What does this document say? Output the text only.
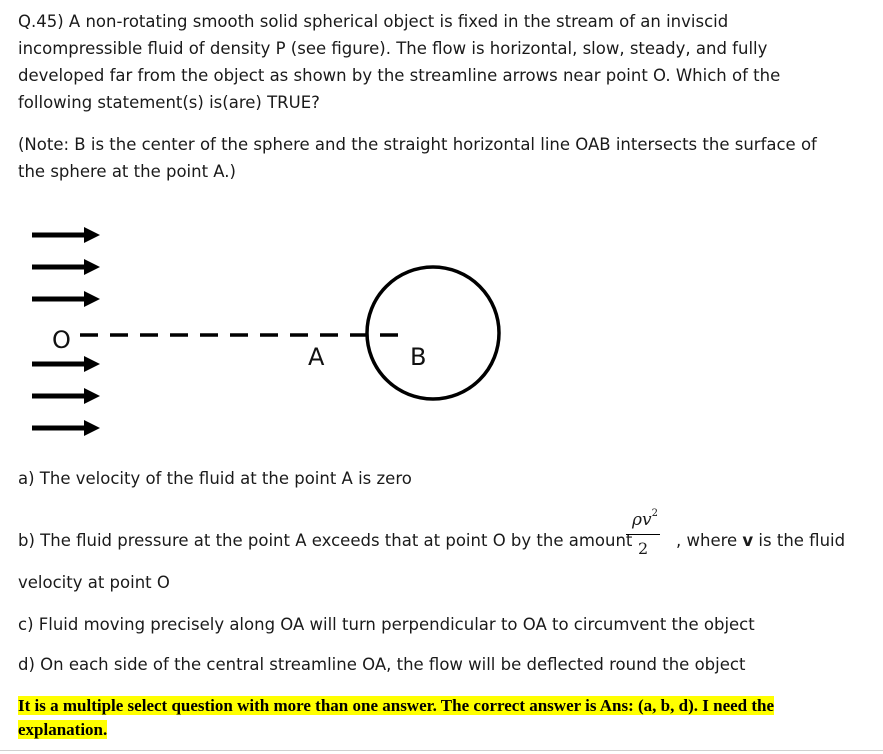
Q.45) A non-rotating smooth solid spherical object is fixed in the stream of an inviscid incompressible fluid of density P (see figure). The flow is horizontal, slow, steady, and fully developed far from the object as shown by the streamline arrows near point O. Which of the following statement(s) is(are) TRUE?

(Note: B is the center of the sphere and the straight horizontal line OAB intersects the surface of the sphere at the point A.)

O
A	B
a) The velocity of the fluid at the point A is zero
b) The fluid pressure at the point A exceeds that at point O by the amount
$\rho v^2$
2 , where v is the fluid
velocity at point O
c) Fluid moving precisely along OA will turn perpendicular to OA to circumvent the object
d) On each side of the central streamline OA, the flow will be deflected round the object
It is a multiple select question with more than one answer. The correct answer is Ans: (a, b, d). I need the explanation.
